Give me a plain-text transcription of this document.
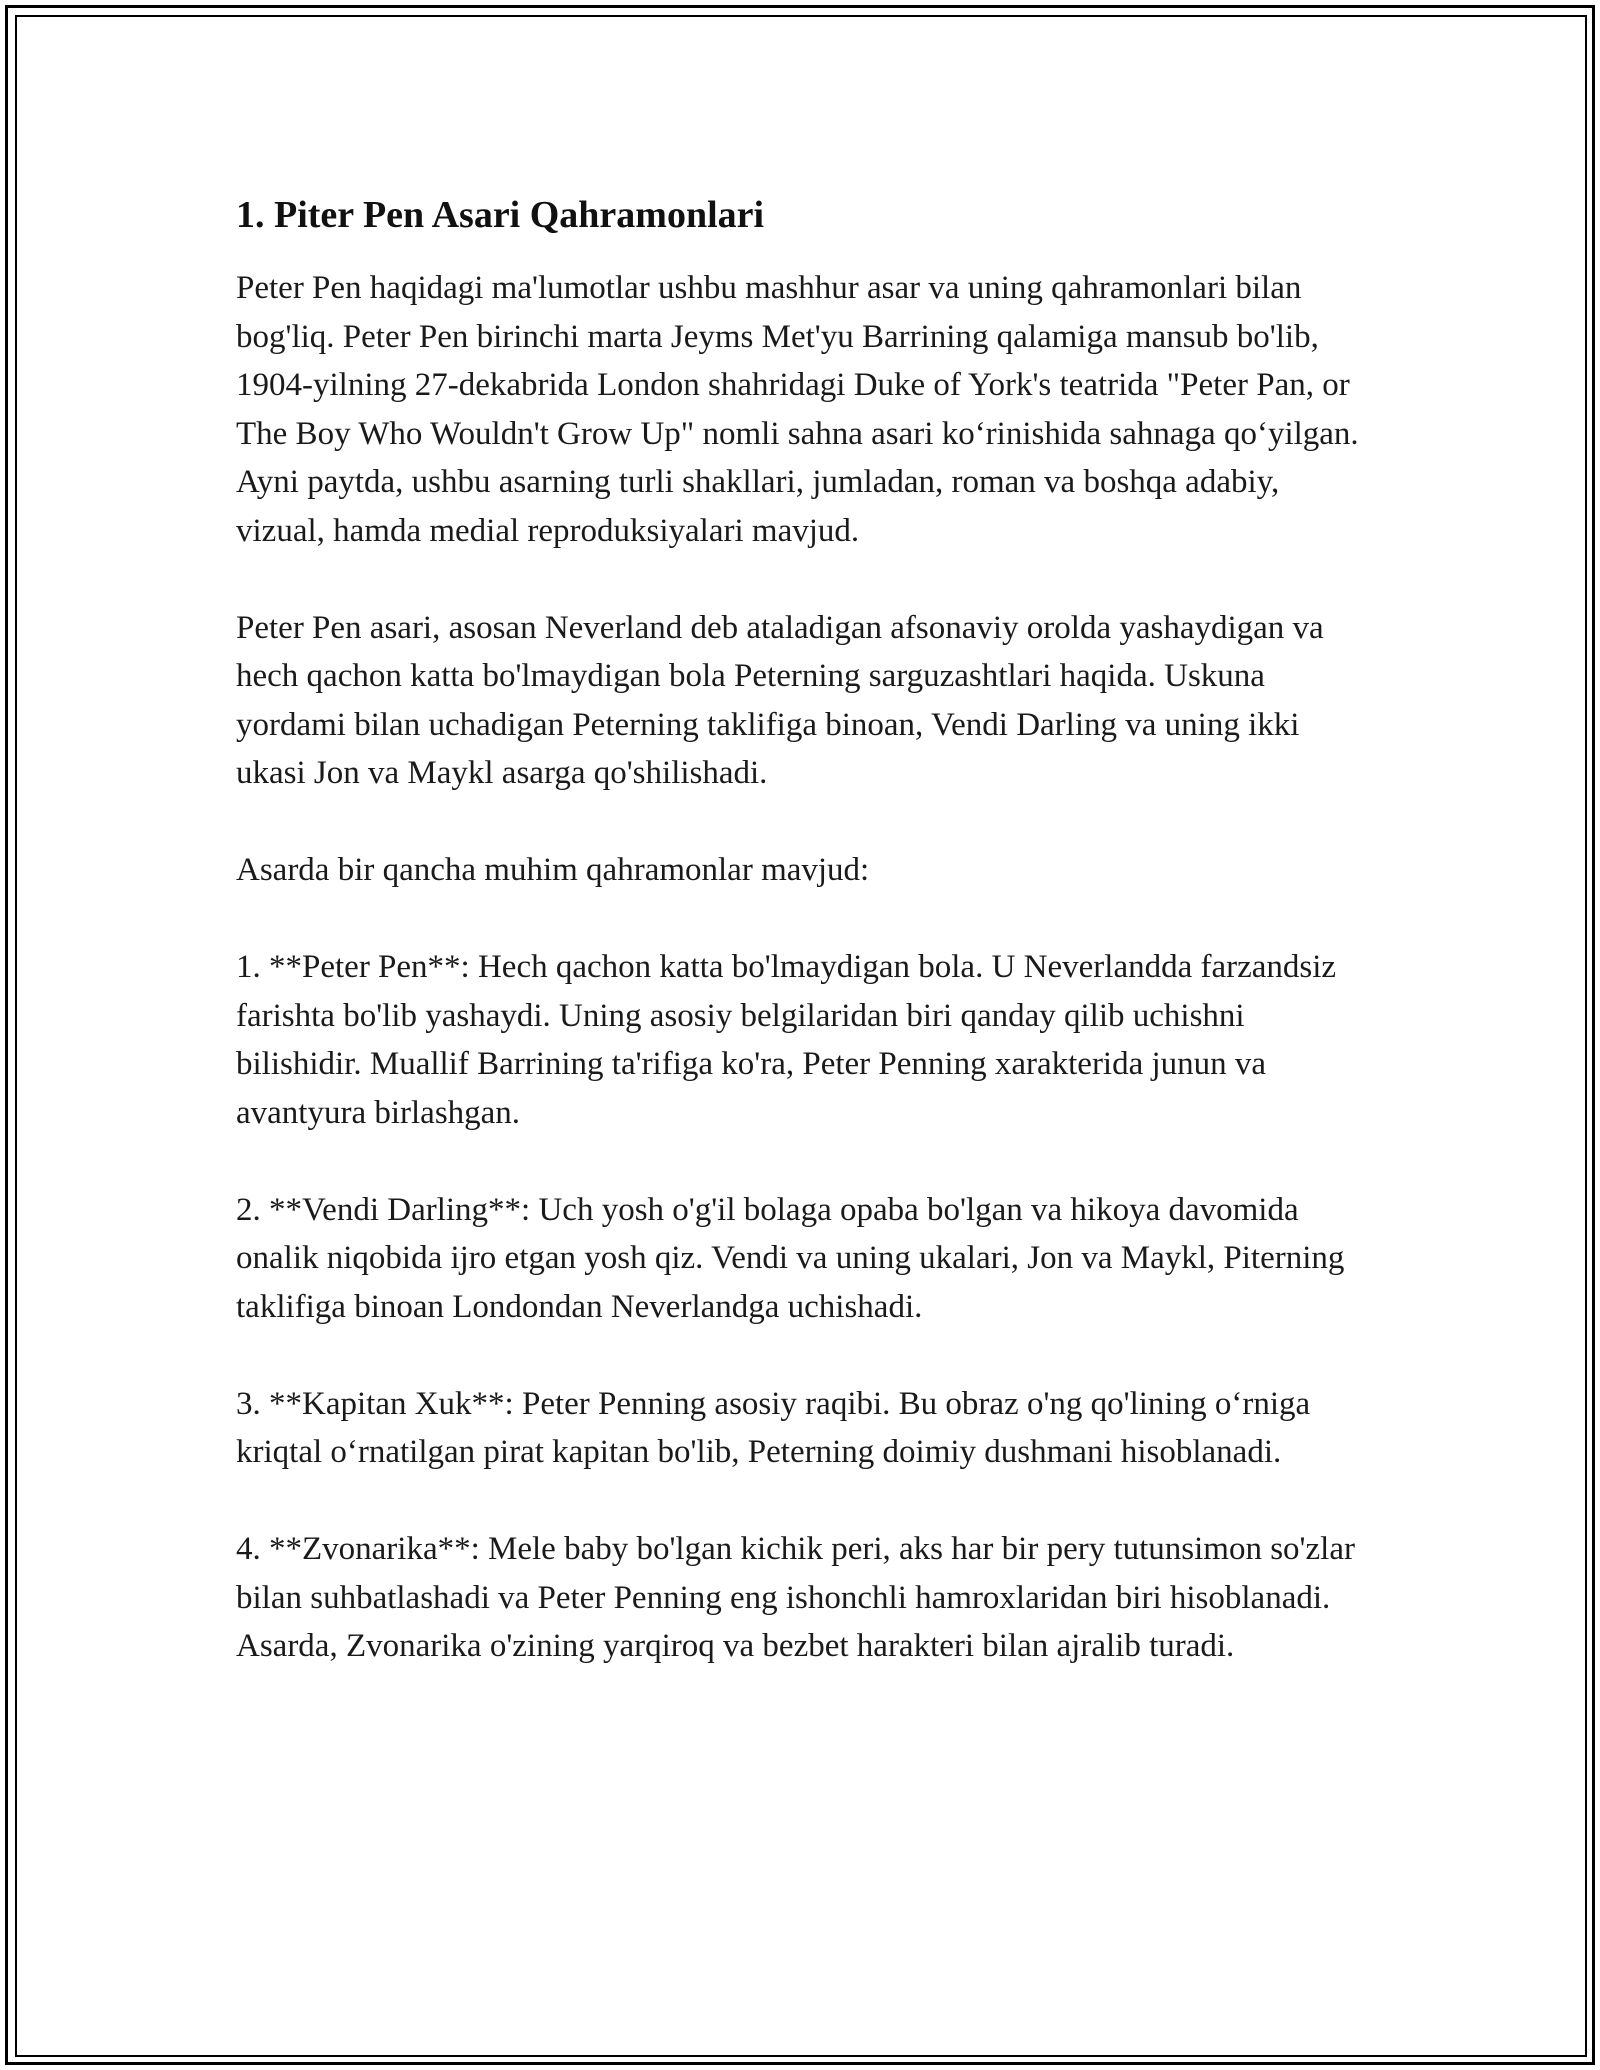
1. Piter Pen Asari Qahramonlari

Peter Pen haqidagi ma'lumotlar ushbu mashhur asar va uning qahramonlari bilan bog'liq. Peter Pen birinchi marta Jeyms Met'yu Barrining qalamiga mansub bo'lib, 1904-yilning 27-dekabrida London shahridagi Duke of York's teatrida "Peter Pan, or The Boy Who Wouldn't Grow Up" nomli sahna asari koʻrinishida sahnaga qoʻyilgan. Ayni paytda, ushbu asarning turli shakllari, jumladan, roman va boshqa adabiy, vizual, hamda medial reproduksiyalari mavjud.

Peter Pen asari, asosan Neverland deb ataladigan afsonaviy orolda yashaydigan va hech qachon katta bo'lmaydigan bola Peterning sarguzashtlari haqida. Uskuna yordami bilan uchadigan Peterning taklifiga binoan, Vendi Darling va uning ikki ukasi Jon va Maykl asarga qo'shilishadi.

Asarda bir qancha muhim qahramonlar mavjud:

1. **Peter Pen**: Hech qachon katta bo'lmaydigan bola. U Neverlandda farzandsiz farishta bo'lib yashaydi. Uning asosiy belgilaridan biri qanday qilib uchishni bilishidir. Muallif Barrining ta'rifiga ko'ra, Peter Penning xarakterida junun va avantyura birlashgan.

2. **Vendi Darling**: Uch yosh o'g'il bolaga opaba bo'lgan va hikoya davomida onalik niqobida ijro etgan yosh qiz. Vendi va uning ukalari, Jon va Maykl, Piterning taklifiga binoan Londondan Neverlandga uchishadi.

3. **Kapitan Xuk**: Peter Penning asosiy raqibi. Bu obraz o'ng qo'lining oʻrniga kriqtal oʻrnatilgan pirat kapitan bo'lib, Peterning doimiy dushmani hisoblanadi.

4. **Zvonarika**: Mele baby bo'lgan kichik peri, aks har bir pery tutunsimon so'zlar bilan suhbatlashadi va Peter Penning eng ishonchli hamroxlaridan biri hisoblanadi. Asarda, Zvonarika o'zining yarqiroq va bezbet harakteri bilan ajralib turadi.
